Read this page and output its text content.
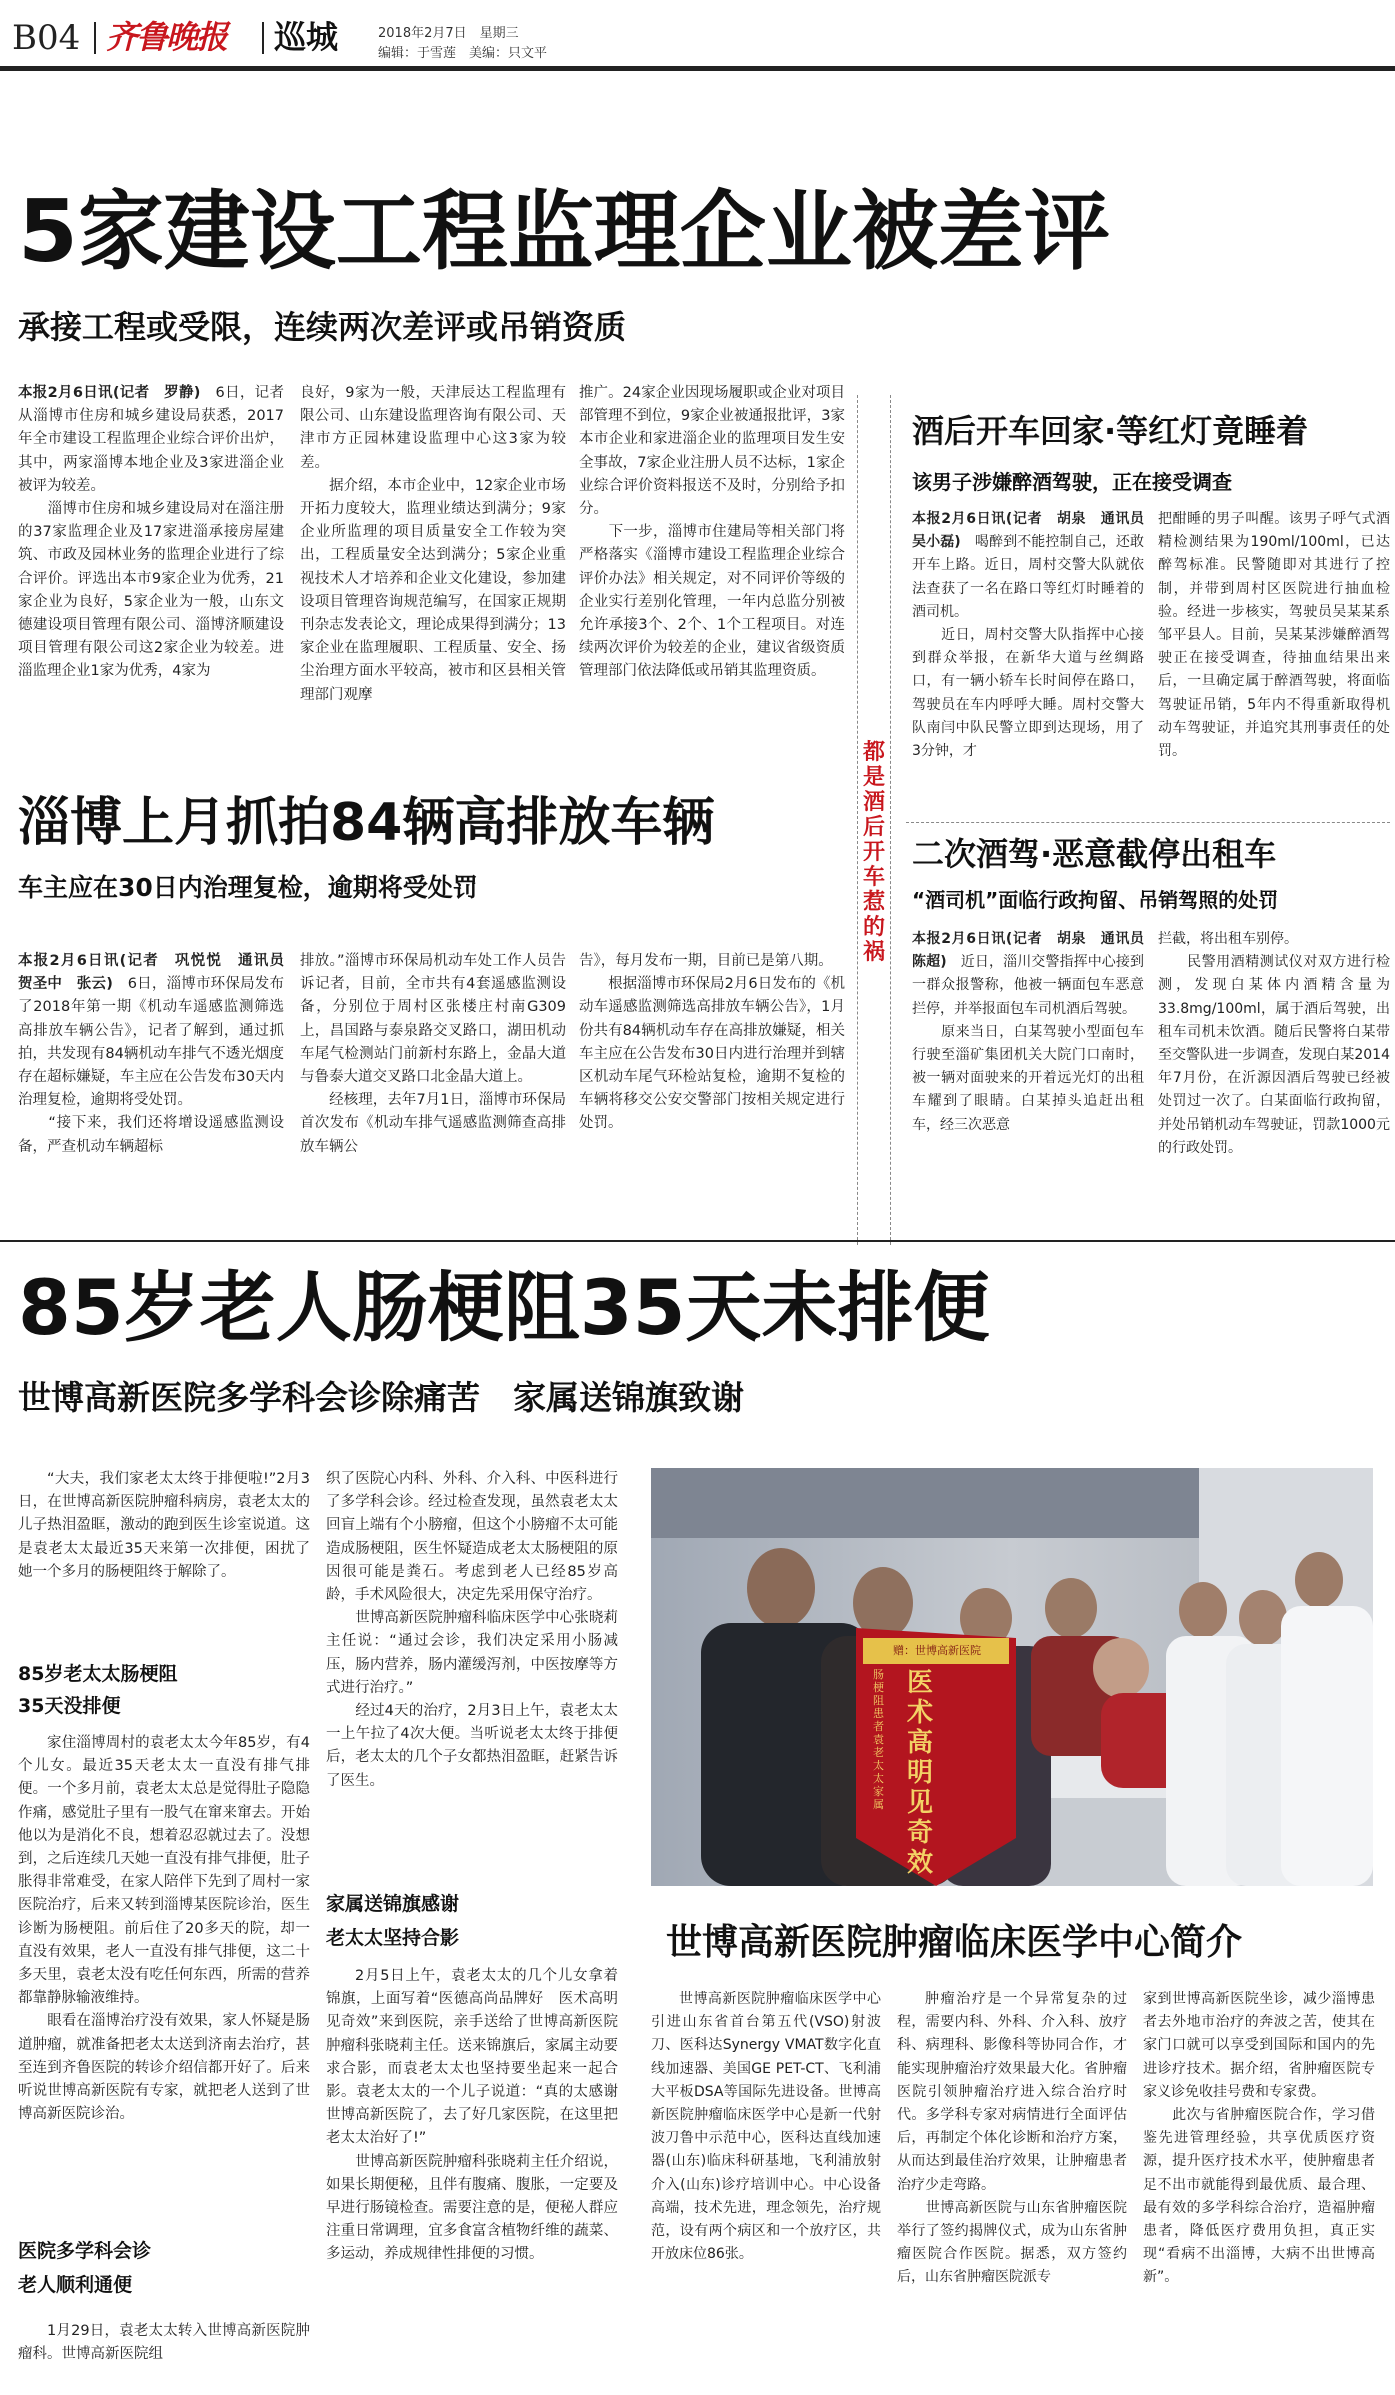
B04 齐鲁晚报 巡城	2018年2月7日　星期三
编辑：于雪莲　美编：只文平
5家建设工程监理企业被差评
承接工程或受限，连续两次差评或吊销资质
本报2月6日讯(记者　罗静)　6日，记者从淄博市住房和城乡建设局获悉，2017年全市建设工程监理企业综合评价出炉，其中，两家淄博本地企业及3家进淄企业被评为较差。
　　淄博市住房和城乡建设局对在淄注册的37家监理企业及17家进淄承接房屋建筑、市政及园林业务的监理企业进行了综合评价。评选出本市9家企业为优秀，21家企业为良好，5家企业为一般，山东文德建设项目管理有限公司、淄博济顺建设项目管理有限公司这2家企业为较差。进淄监理企业1家为优秀，4家为
良好，9家为一般，天津辰达工程监理有限公司、山东建设监理咨询有限公司、天津市方正园林建设监理中心这3家为较差。
　　据介绍，本市企业中，12家企业市场开拓力度较大，监理业绩达到满分；9家企业所监理的项目质量安全工作较为突出，工程质量安全达到满分；5家企业重视技术人才培养和企业文化建设，参加建设项目管理咨询规范编写，在国家正规期刊杂志发表论文，理论成果得到满分；13家企业在监理履职、工程质量、安全、扬尘治理方面水平较高，被市和区县相关管理部门观摩
推广。24家企业因现场履职或企业对项目部管理不到位，9家企业被通报批评，3家本市企业和家进淄企业的监理项目发生安全事故，7家企业注册人员不达标，1家企业综合评价资料报送不及时，分别给予扣分。
　　下一步，淄博市住建局等相关部门将严格落实《淄博市建设工程监理企业综合评价办法》相关规定，对不同评价等级的企业实行差别化管理，一年内总监分别被允许承接3个、2个、1个工程项目。对连续两次评价为较差的企业，建议省级资质管理部门依法降低或吊销其监理资质。
淄博上月抓拍84辆高排放车辆
车主应在30日内治理复检，逾期将受处罚
本报2月6日讯(记者　巩悦悦　通讯员　贺圣中　张云)　6日，淄博市环保局发布了2018年第一期《机动车遥感监测筛选高排放车辆公告》，记者了解到，通过抓拍，共发现有84辆机动车排气不透光烟度存在超标嫌疑，车主应在公告发布30天内治理复检，逾期将受处罚。
　　“接下来，我们还将增设遥感监测设备，严查机动车辆超标
排放。”淄博市环保局机动车处工作人员告诉记者，目前，全市共有4套遥感监测设备，分别位于周村区张楼庄村南G309上，昌国路与泰泉路交叉路口，湖田机动车尾气检测站门前新村东路上，金晶大道与鲁泰大道交叉路口北金晶大道上。
　　经核理，去年7月1日，淄博市环保局首次发布《机动车排气遥感监测筛查高排放车辆公
告》，每月发布一期，目前已是第八期。
　　根据淄博市环保局2月6日发布的《机动车遥感监测筛选高排放车辆公告》，1月份共有84辆机动车存在高排放嫌疑，相关车主应在公告发布30日内进行治理并到辖区机动车尾气环检站复检，逾期不复检的车辆将移交公安交警部门按相关规定进行处罚。
都是酒后开车惹的祸
酒后开车回家·等红灯竟睡着
该男子涉嫌醉酒驾驶，正在接受调查
本报2月6日讯(记者　胡泉　通讯员　吴小磊)　喝醉到不能控制自己，还敢开车上路。近日，周村交警大队就依法查获了一名在路口等红灯时睡着的酒司机。
　　近日，周村交警大队指挥中心接到群众举报，在新华大道与丝绸路口，有一辆小轿车长时间停在路口，驾驶员在车内呼呼大睡。周村交警大队南闫中队民警立即到达现场，用了3分钟，才
把酣睡的男子叫醒。该男子呼气式酒精检测结果为190ml/100ml，已达醉驾标准。民警随即对其进行了控制，并带到周村区医院进行抽血检验。经进一步核实，驾驶员吴某某系邹平县人。目前，吴某某涉嫌醉酒驾驶正在接受调查，待抽血结果出来后，一旦确定属于醉酒驾驶，将面临驾驶证吊销，5年内不得重新取得机动车驾驶证，并追究其刑事责任的处罚。
二次酒驾·恶意截停出租车
“酒司机”面临行政拘留、吊销驾照的处罚
本报2月6日讯(记者　胡泉　通讯员　陈超)　近日，淄川交警指挥中心接到一群众报警称，他被一辆面包车恶意拦停，并举报面包车司机酒后驾驶。
　　原来当日，白某驾驶小型面包车行驶至淄矿集团机关大院门口南时，被一辆对面驶来的开着远光灯的出租车耀到了眼睛。白某掉头追赶出租车，经三次恶意
拦截，将出租车别停。
　　民警用酒精测试仪对双方进行检测，发现白某体内酒精含量为33.8mg/100ml，属于酒后驾驶，出租车司机未饮酒。随后民警将白某带至交警队进一步调查，发现白某2014年7月份，在沂源因酒后驾驶已经被处罚过一次了。白某面临行政拘留，并处吊销机动车驾驶证，罚款1000元的行政处罚。
85岁老人肠梗阻35天未排便
世博高新医院多学科会诊除痛苦　家属送锦旗致谢
“大夫，我们家老太太终于排便啦!”2月3日，在世博高新医院肿瘤科病房，袁老太太的儿子热泪盈眶，激动的跑到医生诊室说道。这是袁老太太最近35天来第一次排便，困扰了她一个多月的肠梗阻终于解除了。
85岁老太太肠梗阻
35天没排便
家住淄博周村的袁老太太今年85岁，有4个儿女。最近35天老太太一直没有排气排便。一个多月前，袁老太太总是觉得肚子隐隐作痛，感觉肚子里有一股气在窜来窜去。开始他以为是消化不良，想着忍忍就过去了。没想到，之后连续几天她一直没有排气排便，肚子胀得非常难受，在家人陪伴下先到了周村一家医院治疗，后来又转到淄博某医院诊治，医生诊断为肠梗阻。前后住了20多天的院，却一直没有效果，老人一直没有排气排便，这二十多天里，袁老太没有吃任何东西，所需的营养都靠静脉输液维持。
　　眼看在淄博治疗没有效果，家人怀疑是肠道肿瘤，就准备把老太太送到济南去治疗，甚至连到齐鲁医院的转诊介绍信都开好了。后来听说世博高新医院有专家，就把老人送到了世博高新医院诊治。
医院多学科会诊
老人顺利通便
1月29日，袁老太太转入世博高新医院肿瘤科。世博高新医院组
织了医院心内科、外科、介入科、中医科进行了多学科会诊。经过检查发现，虽然袁老太太回盲上端有个小膀瘤，但这个小膀瘤不太可能造成肠梗阻，医生怀疑造成老太太肠梗阻的原因很可能是粪石。考虑到老人已经85岁高龄，手术风险很大，决定先采用保守治疗。
　　世博高新医院肿瘤科临床医学中心张晓莉主任说：“通过会诊，我们决定采用小肠减压，肠内营养，肠内灌缓泻剂，中医按摩等方式进行治疗。”
　　经过4天的治疗，2月3日上午，袁老太太一上午拉了4次大便。当听说老太太终于排便后，老太太的几个子女都热泪盈眶，赶紧告诉了医生。
家属送锦旗感谢
老太太坚持合影
2月5日上午，袁老太太的几个儿女拿着锦旗，上面写着“医德高尚品牌好　医术高明见奇效”来到医院，亲手送给了世博高新医院肿瘤科张晓莉主任。送来锦旗后，家属主动要求合影，而袁老太太也坚持要坐起来一起合影。袁老太太的一个儿子说道：“真的太感谢世博高新医院了，去了好几家医院，在这里把老太太治好了!”
　　世博高新医院肿瘤科张晓莉主任介绍说，如果长期便秘，且伴有腹痛、腹胀，一定要及早进行肠镜检查。需要注意的是，便秘人群应注重日常调理，宜多食富含植物纤维的蔬菜、多运动，养成规律性排便的习惯。
赠：世博高新医院
医术高明见奇效
肠梗阻患者袁老太太家属
世博高新医院肿瘤临床医学中心简介
世博高新医院肿瘤临床医学中心引进山东省首台第五代(VSO)射波刀、医科达Synergy VMAT数字化直线加速器、美国GE PET-CT、飞利浦大平板DSA等国际先进设备。世博高新医院肿瘤临床医学中心是新一代射波刀鲁中示范中心，医科达直线加速器(山东)临床科研基地，飞利浦放射介入(山东)诊疗培训中心。中心设备高端，技术先进，理念领先，治疗规范，设有两个病区和一个放疗区，共开放床位86张。
肿瘤治疗是一个异常复杂的过程，需要内科、外科、介入科、放疗科、病理科、影像科等协同合作，才能实现肿瘤治疗效果最大化。省肿瘤医院引领肿瘤治疗进入综合治疗时代。多学科专家对病情进行全面评估后，再制定个体化诊断和治疗方案，从而达到最佳治疗效果，让肿瘤患者治疗少走弯路。
　　世博高新医院与山东省肿瘤医院举行了签约揭牌仪式，成为山东省肿瘤医院合作医院。据悉，双方签约后，山东省肿瘤医院派专
家到世博高新医院坐诊，减少淄博患者去外地市治疗的奔波之苦，使其在家门口就可以享受到国际和国内的先进诊疗技术。据介绍，省肿瘤医院专家义诊免收挂号费和专家费。
　　此次与省肿瘤医院合作，学习借鉴先进管理经验，共享优质医疗资源，提升医疗技术水平，使肿瘤患者足不出市就能得到最优质、最合理、最有效的多学科综合治疗，造福肿瘤患者，降低医疗费用负担，真正实现“看病不出淄博，大病不出世博高新”。
